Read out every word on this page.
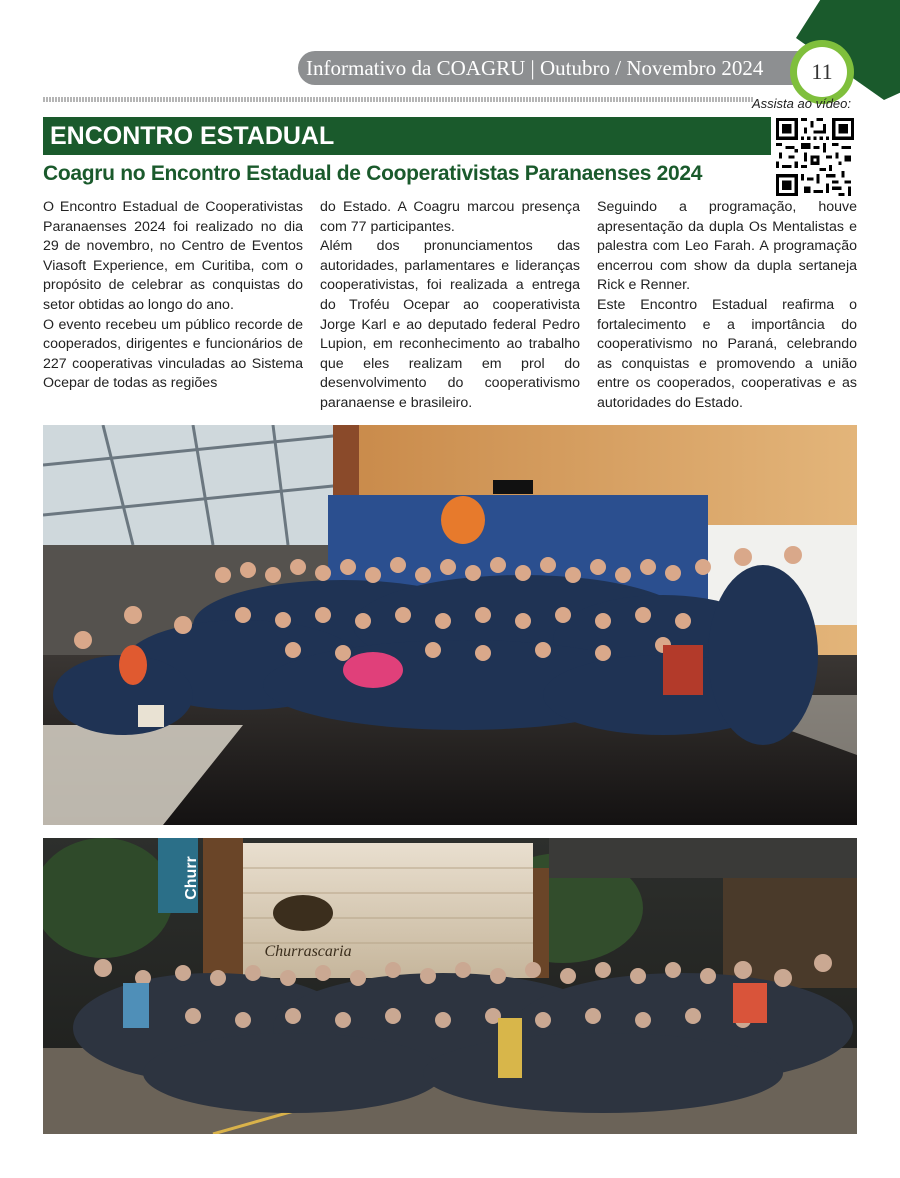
Informativo da COAGRU | Outubro / Novembro 2024	11
Assista ao vídeo:
ENCONTRO ESTADUAL
Coagru no Encontro Estadual de Cooperativistas Paranaenses 2024

O Encontro Estadual de Cooperativistas Paranaenses 2024 foi realizado no dia 29 de novembro, no Centro de Eventos Viasoft Experience, em Curitiba, com o propósito de celebrar as conquistas do setor obtidas ao longo do ano.

O evento recebeu um público recorde de cooperados, dirigentes e funcionários de 227 cooperativas vinculadas ao Sistema Ocepar de todas as regiões

do Estado. A Coagru marcou presença com 77 participantes.

Além dos pronunciamentos das autoridades, parlamentares e lideranças cooperativistas, foi realizada a entrega do Troféu Ocepar ao cooperativista Jorge Karl e ao deputado federal Pedro Lupion, em reconhecimento ao trabalho que eles realizam em prol do desenvolvimento do cooperativismo paranaense e brasileiro.

Seguindo a programação, houve apresentação da dupla Os Mentalistas e palestra com Leo Farah. A programação encerrou com show da dupla sertaneja Rick e Renner.

Este Encontro Estadual reafirma o fortalecimento e a importância do cooperativismo no Paraná, celebrando as conquistas e promovendo a união entre os cooperados, cooperativas e as autoridades do Estado.

Churr
Churrascaria
